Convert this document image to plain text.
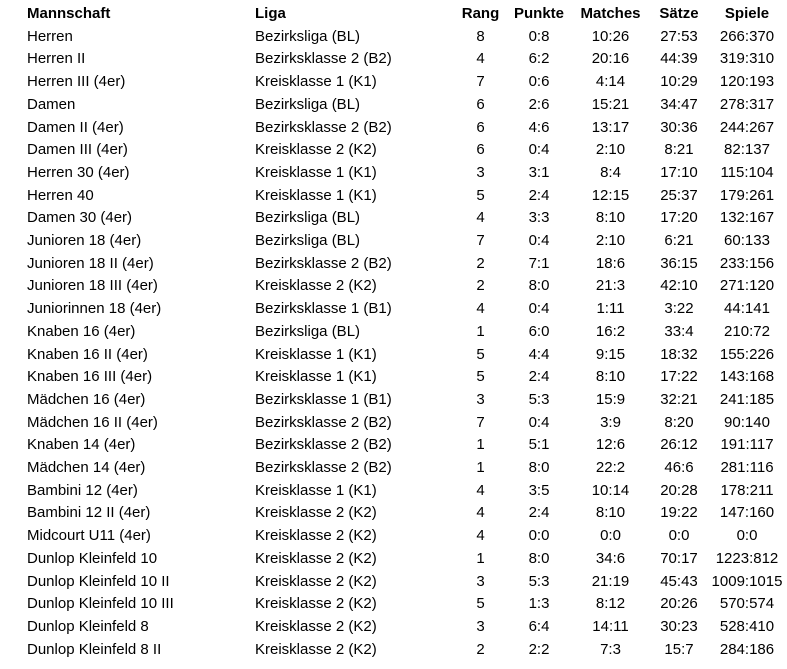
Mannschaft	Liga	Rang	Punkte	Matches	Sätze	Spiele
Herren	Bezirksliga (BL)	8	0:8	10:26	27:53	266:370
Herren II	Bezirksklasse 2 (B2)	4	6:2	20:16	44:39	319:310
Herren III (4er)	Kreisklasse 1 (K1)	7	0:6	4:14	10:29	120:193
Damen	Bezirksliga (BL)	6	2:6	15:21	34:47	278:317
Damen II (4er)	Bezirksklasse 2 (B2)	6	4:6	13:17	30:36	244:267
Damen III (4er)	Kreisklasse 2 (K2)	6	0:4	2:10	8:21	82:137
Herren 30 (4er)	Kreisklasse 1 (K1)	3	3:1	8:4	17:10	115:104
Herren 40	Kreisklasse 1 (K1)	5	2:4	12:15	25:37	179:261
Damen 30 (4er)	Bezirksliga (BL)	4	3:3	8:10	17:20	132:167
Junioren 18 (4er)	Bezirksliga (BL)	7	0:4	2:10	6:21	60:133
Junioren 18 II (4er)	Bezirksklasse 2 (B2)	2	7:1	18:6	36:15	233:156
Junioren 18 III (4er)	Kreisklasse 2 (K2)	2	8:0	21:3	42:10	271:120
Juniorinnen 18 (4er)	Bezirksklasse 1 (B1)	4	0:4	1:11	3:22	44:141
Knaben 16 (4er)	Bezirksliga (BL)	1	6:0	16:2	33:4	210:72
Knaben 16 II (4er)	Kreisklasse 1 (K1)	5	4:4	9:15	18:32	155:226
Knaben 16 III (4er)	Kreisklasse 1 (K1)	5	2:4	8:10	17:22	143:168
Mädchen 16 (4er)	Bezirksklasse 1 (B1)	3	5:3	15:9	32:21	241:185
Mädchen 16 II (4er)	Bezirksklasse 2 (B2)	7	0:4	3:9	8:20	90:140
Knaben 14 (4er)	Bezirksklasse 2 (B2)	1	5:1	12:6	26:12	191:117
Mädchen 14 (4er)	Bezirksklasse 2 (B2)	1	8:0	22:2	46:6	281:116
Bambini 12 (4er)	Kreisklasse 1 (K1)	4	3:5	10:14	20:28	178:211
Bambini 12 II (4er)	Kreisklasse 2 (K2)	4	2:4	8:10	19:22	147:160
Midcourt U11 (4er)	Kreisklasse 2 (K2)	4	0:0	0:0	0:0	0:0
Dunlop Kleinfeld 10	Kreisklasse 2 (K2)	1	8:0	34:6	70:17	1223:812
Dunlop Kleinfeld 10 II	Kreisklasse 2 (K2)	3	5:3	21:19	45:43	1009:1015
Dunlop Kleinfeld 10 III	Kreisklasse 2 (K2)	5	1:3	8:12	20:26	570:574
Dunlop Kleinfeld 8	Kreisklasse 2 (K2)	3	6:4	14:11	30:23	528:410
Dunlop Kleinfeld 8 II	Kreisklasse 2 (K2)	2	2:2	7:3	15:7	284:186
